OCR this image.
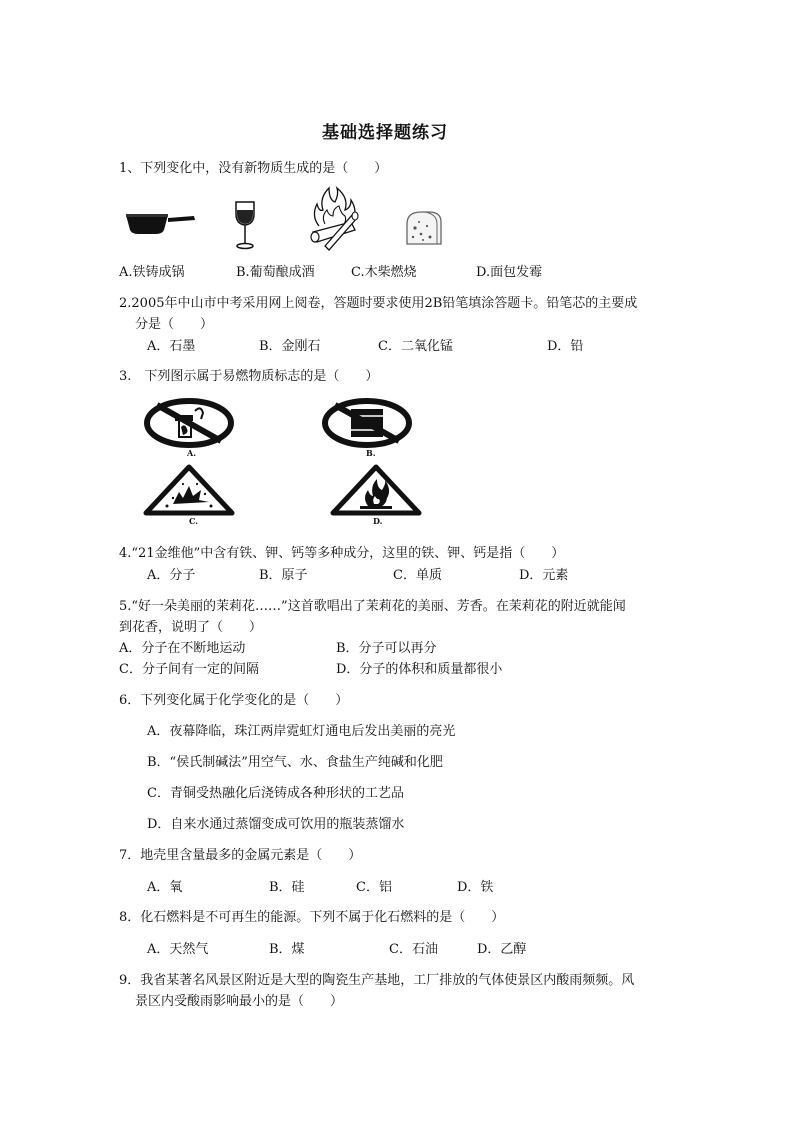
基础选择题练习
1、下列变化中，没有新物质生成的是（　　）
A.铁铸成锅	B.葡萄酿成酒	C.木柴燃烧	D.面包发霉
2.2005年中山市中考采用网上阅卷，答题时要求使用2B铅笔填涂答题卡。铅笔芯的主要成
分是（　　）
A．石墨	B．金刚石	C．二氧化锰	D．铅
3.　下列图示属于易燃物质标志的是（　　）
A.	B.
C.	D.
4.“21金维他”中含有铁、钾、钙等多种成分，这里的铁、钾、钙是指（　　）
A．分子	B．原子	C．单质	D．元素
5.“好一朵美丽的茉莉花……”这首歌唱出了茉莉花的美丽、芳香。在茉莉花的附近就能闻
到花香，说明了（　　）
A．分子在不断地运动	B．分子可以再分
C．分子间有一定的间隔	D．分子的体积和质量都很小
6．下列变化属于化学变化的是（　　）
A．夜幕降临，珠江两岸霓虹灯通电后发出美丽的亮光
B．“侯氏制碱法”用空气、水、食盐生产纯碱和化肥
C．青铜受热融化后浇铸成各种形状的工艺品
D．自来水通过蒸馏变成可饮用的瓶装蒸馏水
7．地壳里含量最多的金属元素是（　　）
A．氧	B．硅	C．铝	D．铁
8．化石燃料是不可再生的能源。下列不属于化石燃料的是（　　）
A．天然气	B．煤	C．石油	D．乙醇
9．我省某著名风景区附近是大型的陶瓷生产基地，工厂排放的气体使景区内酸雨频频。风
景区内受酸雨影响最小的是（　　）
